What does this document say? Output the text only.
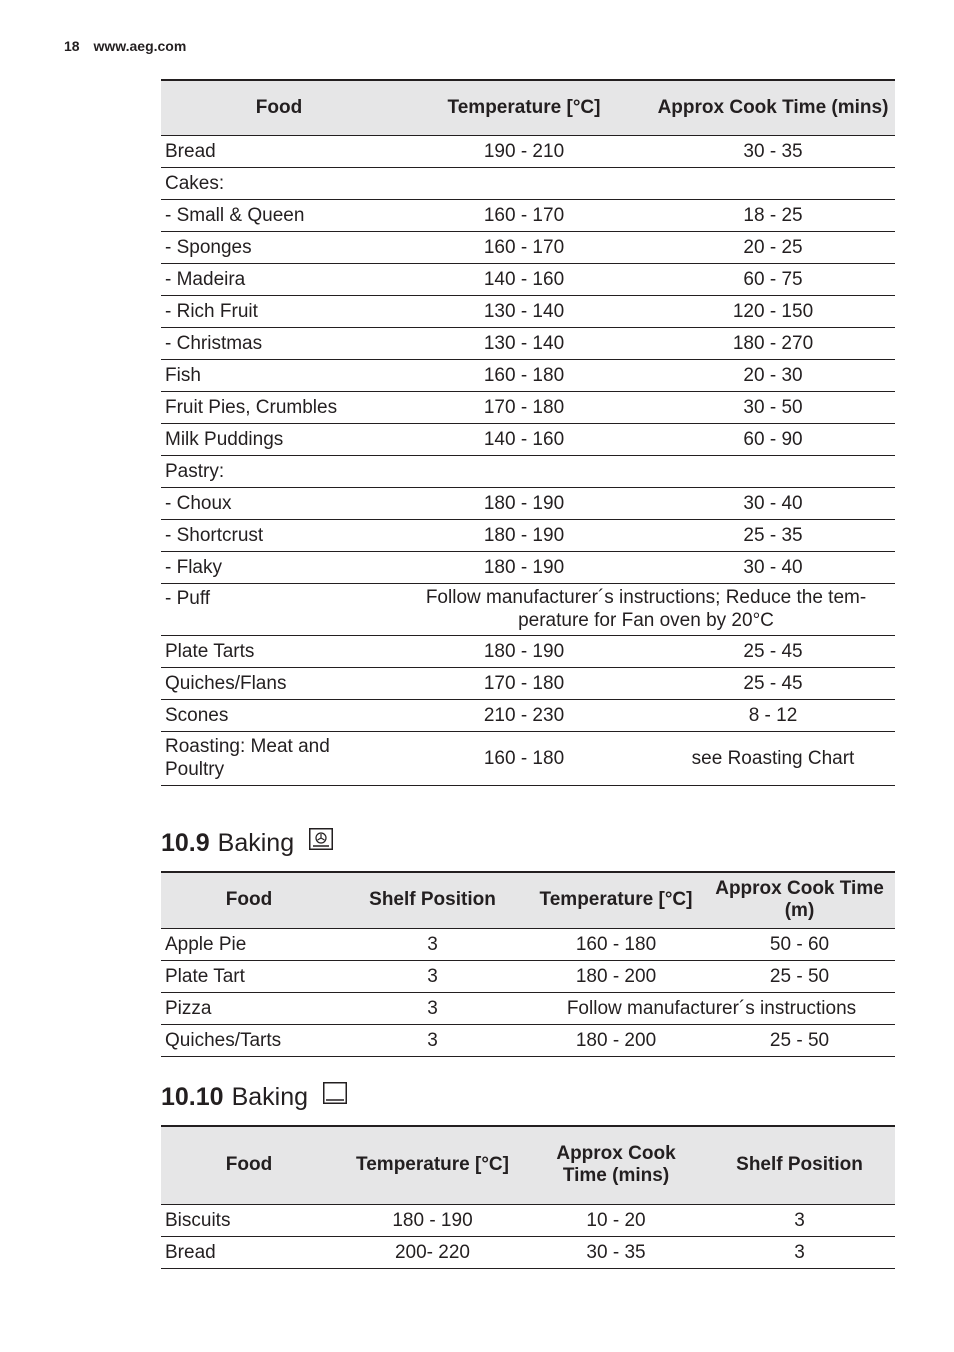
18 www.aeg.com
Food	Temperature [°C]	Approx Cook Time (mins)
Bread	190 - 210	30 - 35
Cakes:		
- Small & Queen	160 - 170	18 - 25
- Sponges	160 - 170	20 - 25
- Madeira	140 - 160	60 - 75
- Rich Fruit	130 - 140	120 - 150
- Christmas	130 - 140	180 - 270
Fish	160 - 180	20 - 30
Fruit Pies, Crumbles	170 - 180	30 - 50
Milk Puddings	140 - 160	60 - 90
Pastry:		
- Choux	180 - 190	30 - 40
- Shortcrust	180 - 190	25 - 35
- Flaky	180 - 190	30 - 40
- Puff	Follow manufacturer´s instructions; Reduce the tem-perature for Fan oven by 20°C	
Plate Tarts	180 - 190	25 - 45
Quiches/Flans	170 - 180	25 - 45
Scones	210 - 230	8 - 12
Roasting: Meat and Poultry	160 - 180	see Roasting Chart
10.9 Baking
Food	Shelf Position	Temperature [°C]	Approx Cook Time (m)
Apple Pie	3	160 - 180	50 - 60
Plate Tart	3	180 - 200	25 - 50
Pizza	3	Follow manufacturer´s instructions	
Quiches/Tarts	3	180 - 200	25 - 50
10.10 Baking
Food	Temperature [°C]	Approx Cook Time (mins)	Shelf Position
Biscuits	180 - 190	10 - 20	3
Bread	200- 220	30 - 35	3
